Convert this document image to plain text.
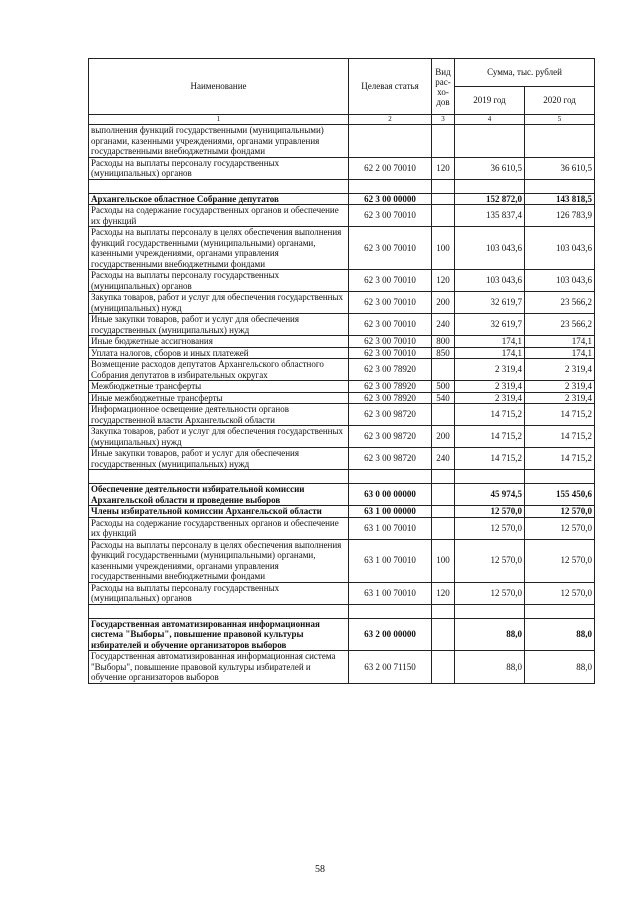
Наименование	Целевая статья	Вид
рас-
хо-
дов	Сумма, тыс. рублей	
			2019 год	2020 год
1	2	3	4	5
выполнения функций государственными (муниципальными) органами, казенными учреждениями, органами управления государственными внебюджетными фондами				
Расходы на выплаты персоналу государственных (муниципальных) органов	62 2 00 70010	120	36 610,5	36 610,5

Архангельское областное Собрание депутатов	62 3 00 00000		152 872,0	143 818,5
Расходы на содержание государственных органов и обеспечение их функций	62 3 00 70010		135 837,4	126 783,9
Расходы на выплаты персоналу в целях обеспечения выполнения функций государственными (муниципальными) органами, казенными учреждениями, органами управления государственными внебюджетными фондами	62 3 00 70010	100	103 043,6	103 043,6
Расходы на выплаты персоналу государственных (муниципальных) органов	62 3 00 70010	120	103 043,6	103 043,6
Закупка товаров, работ и услуг для обеспечения государственных (муниципальных) нужд	62 3 00 70010	200	32 619,7	23 566,2
Иные закупки товаров, работ и услуг для обеспечения государственных (муниципальных) нужд	62 3 00 70010	240	32 619,7	23 566,2
Иные бюджетные ассигнования	62 3 00 70010	800	174,1	174,1
Уплата налогов, сборов и иных платежей	62 3 00 70010	850	174,1	174,1
Возмещение расходов депутатов Архангельского областного Собрания депутатов в избирательных округах	62 3 00 78920		2 319,4	2 319,4
Межбюджетные трансферты	62 3 00 78920	500	2 319,4	2 319,4
Иные межбюджетные трансферты	62 3 00 78920	540	2 319,4	2 319,4
Информационное освещение деятельности органов государственной власти Архангельской области	62 3 00 98720		14 715,2	14 715,2
Закупка товаров, работ и услуг для обеспечения государственных (муниципальных) нужд	62 3 00 98720	200	14 715,2	14 715,2
Иные закупки товаров, работ и услуг для обеспечения государственных (муниципальных) нужд	62 3 00 98720	240	14 715,2	14 715,2

Обеспечение деятельности избирательной комиссии Архангельской области и проведение выборов	63 0 00 00000		45 974,5	155 450,6
Члены избирательной комиссии Архангельской области	63 1 00 00000		12 570,0	12 570,0
Расходы на содержание государственных органов и обеспечение их функций	63 1 00 70010		12 570,0	12 570,0
Расходы на выплаты персоналу в целях обеспечения выполнения функций государственными (муниципальными) органами, казенными учреждениями, органами управления государственными внебюджетными фондами	63 1 00 70010	100	12 570,0	12 570,0
Расходы на выплаты персоналу государственных (муниципальных) органов	63 1 00 70010	120	12 570,0	12 570,0

Государственная автоматизированная информационная система "Выборы", повышение правовой культуры избирателей и обучение организаторов выборов	63 2 00 00000		88,0	88,0
Государственная автоматизированная информационная система "Выборы", повышение правовой культуры избирателей и обучение организаторов выборов	63 2 00 71150		88,0	88,0
58
